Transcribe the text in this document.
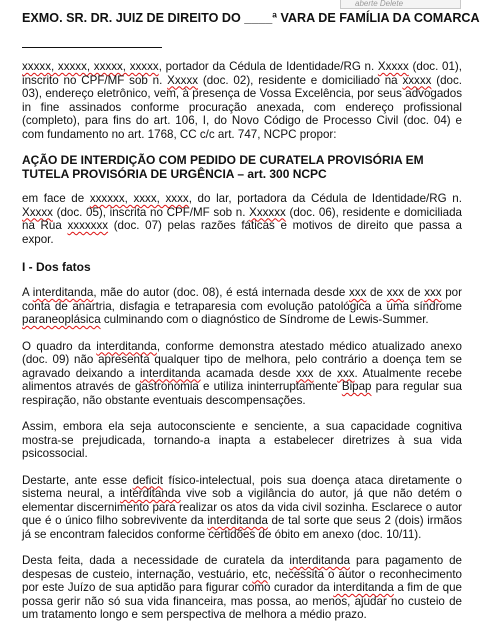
aberte Delete
EXMO. SR. DR. JUIZ DE DIREITO DO ____ª VARA DE FAMÍLIA DA COMARCA

xxxxx, xxxxx, xxxxx, xxxxx, portador da Cédula de Identidade/RG n. Xxxxx (doc. 01), inscrito no CPF/MF sob n. Xxxxx (doc. 02), residente e domiciliado na xxxxx (doc. 03), endereço eletrônico, vem, à presença de Vossa Excelência, por seus advogados in fine assinados conforme procuração anexada, com endereço profissional (completo), para fins do art. 106, I, do Novo Código de Processo Civil (doc. 04) e com fundamento no art. 1768, CC c/c art. 747, NCPC propor:

AÇÃO DE INTERDIÇÃO COM PEDIDO DE CURATELA PROVISÓRIA EM TUTELA PROVISÓRIA DE URGÊNCIA – art. 300 NCPC

em face de xxxxxx, xxxx, xxxx, do lar, portadora da Cédula de Identidade/RG n. Xxxxx (doc. 05), inscrita no CPF/MF sob n. Xxxxxx (doc. 06), residente e domiciliada na Rua xxxxxxx (doc. 07) pelas razões fáticas e motivos de direito que passa a expor.

I - Dos fatos

A interditanda, mãe do autor (doc. 08), é está internada desde xxx de xxx de xxx por conta de anartria, disfagia e tetraparesia com evolução patológica a uma síndrome paraneoplásica culminando com o diagnóstico de Síndrome de Lewis-Summer.

O quadro da interditanda, conforme demonstra atestado médico atualizado anexo (doc. 09) não apresenta qualquer tipo de melhora, pelo contrário a doença tem se agravado deixando a interditanda acamada desde xxx de xxx. Atualmente recebe alimentos através de gastronomia e utiliza ininterruptamente Bipap para regular sua respiração, não obstante eventuais descompensações.

Assim, embora ela seja autoconsciente e senciente, a sua capacidade cognitiva mostra-se prejudicada, tornando-a inapta a estabelecer diretrizes à sua vida psicossocial.

Destarte, ante esse deficit físico-intelectual, pois sua doença ataca diretamente o sistema neural, a interditanda vive sob a vigilância do autor, já que não detém o elementar discernimento para realizar os atos da vida civil sozinha. Esclarece o autor que é o único filho sobrevivente da interditanda de tal sorte que seus 2 (dois) irmãos já se encontram falecidos conforme certidões de óbito em anexo (doc. 10/11).

Desta feita, dada a necessidade de curatela da interditanda para pagamento de despesas de custeio, internação, vestuário, etc, necessita o autor o reconhecimento por este Juízo de sua aptidão para figurar como curador da interditanda a fim de que possa gerir não só sua vida financeira, mas possa, ao menos, ajudar no custeio de um tratamento longo e sem perspectiva de melhora a médio prazo.
